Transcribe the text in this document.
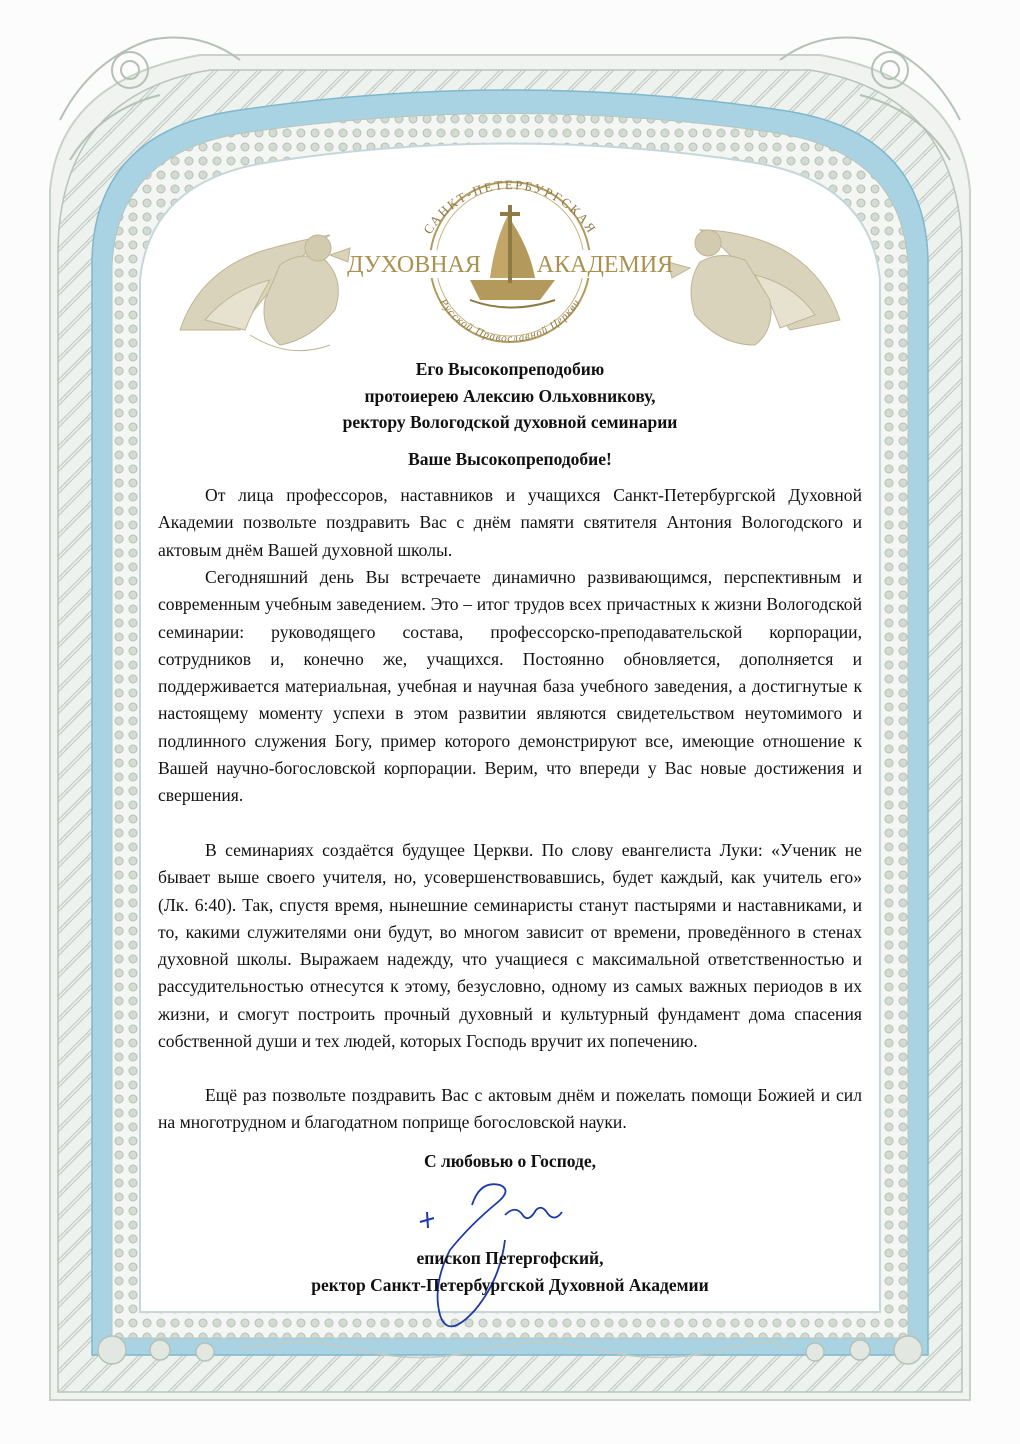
САНКТ-ПЕТЕРБУРГСКАЯ
Русской Православной Церкви
ДУХОВНАЯ АКАДЕМИЯ
Его Высокопреподобию
протоиерею Алексию Ольховникову,
ректору Вологодской духовной семинарии
Ваше Высокопреподобие!
От лица профессоров, наставников и учащихся Санкт-Петербургской Духовной Академии позвольте поздравить Вас с днём памяти святителя Антония Вологодского и актовым днём Вашей духовной школы.
Сегодняшний день Вы встречаете динамично развивающимся, перспективным и современным учебным заведением. Это – итог трудов всех причастных к жизни Вологодской семинарии: руководящего состава, профессорско-преподавательской корпорации, сотрудников и, конечно же, учащихся. Постоянно обновляется, дополняется и поддерживается материальная, учебная и научная база учебного заведения, а достигнутые к настоящему моменту успехи в этом развитии являются свидетельством неутомимого и подлинного служения Богу, пример которого демонстрируют все, имеющие отношение к Вашей научно-богословской корпорации. Верим, что впереди у Вас новые достижения и свершения.
В семинариях создаётся будущее Церкви. По слову евангелиста Луки: «Ученик не бывает выше своего учителя, но, усовершенствовавшись, будет каждый, как учитель его» (Лк. 6:40). Так, спустя время, нынешние семинаристы станут пастырями и наставниками, и то, какими служителями они будут, во многом зависит от времени, проведённого в стенах духовной школы. Выражаем надежду, что учащиеся с максимальной ответственностью и рассудительностью отнесутся к этому, безусловно, одному из самых важных периодов в их жизни, и смогут построить прочный духовный и культурный фундамент дома спасения собственной души и тех людей, которых Господь вручит их попечению.
Ещё раз позвольте поздравить Вас с актовым днём и пожелать помощи Божией и сил на многотрудном и благодатном поприще богословской науки.
С любовью о Господе,
епископ Петергофский,
ректор Санкт-Петербургской Духовной Академии
